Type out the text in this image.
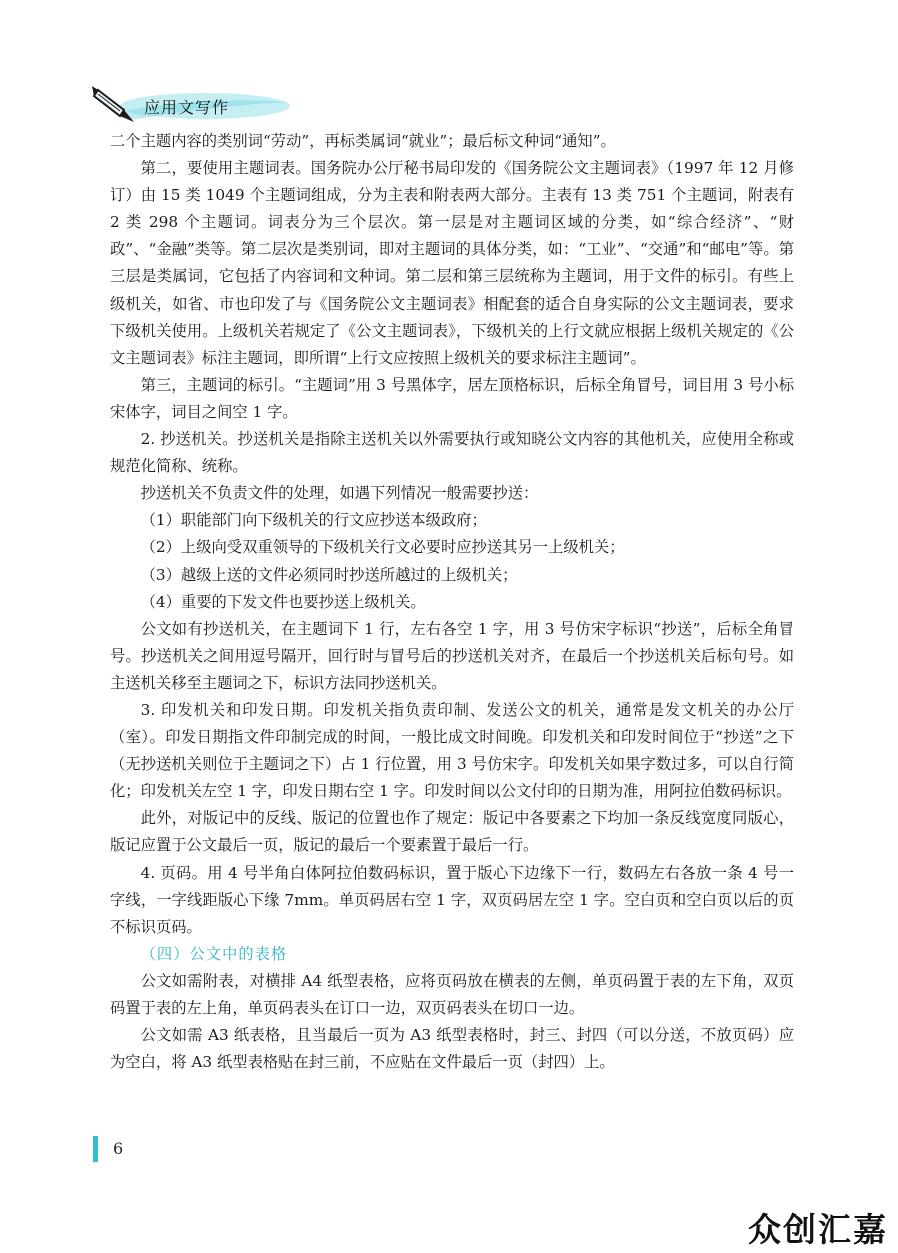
应用文写作

二个主题内容的类别词“劳动”，再标类属词“就业”；最后标文种词“通知”。

第二，要使用主题词表。国务院办公厅秘书局印发的《国务院公文主题词表》（1997 年 12 月修订）由 15 类 1049 个主题词组成，分为主表和附表两大部分。主表有 13 类 751 个主题词，附表有 2 类 298 个主题词。词表分为三个层次。第一层是对主题词区域的分类，如“综合经济”、“财政”、“金融”类等。第二层次是类别词，即对主题词的具体分类，如：“工业”、“交通”和“邮电”等。第三层是类属词，它包括了内容词和文种词。第二层和第三层统称为主题词，用于文件的标引。有些上级机关，如省、市也印发了与《国务院公文主题词表》相配套的适合自身实际的公文主题词表，要求下级机关使用。上级机关若规定了《公文主题词表》，下级机关的上行文就应根据上级机关规定的《公文主题词表》标注主题词，即所谓“上行文应按照上级机关的要求标注主题词”。

第三，主题词的标引。“主题词”用 3 号黑体字，居左顶格标识，后标全角冒号，词目用 3 号小标宋体字，词目之间空 1 字。

2. 抄送机关。抄送机关是指除主送机关以外需要执行或知晓公文内容的其他机关，应使用全称或规范化简称、统称。

抄送机关不负责文件的处理，如遇下列情况一般需要抄送：

（1）职能部门向下级机关的行文应抄送本级政府；

（2）上级向受双重领导的下级机关行文必要时应抄送其另一上级机关；

（3）越级上送的文件必须同时抄送所越过的上级机关；

（4）重要的下发文件也要抄送上级机关。

公文如有抄送机关，在主题词下 1 行，左右各空 1 字，用 3 号仿宋字标识“抄送”，后标全角冒号。抄送机关之间用逗号隔开，回行时与冒号后的抄送机关对齐，在最后一个抄送机关后标句号。如主送机关移至主题词之下，标识方法同抄送机关。

3. 印发机关和印发日期。印发机关指负责印制、发送公文的机关，通常是发文机关的办公厅（室）。印发日期指文件印制完成的时间，一般比成文时间晚。印发机关和印发时间位于“抄送”之下（无抄送机关则位于主题词之下）占 1 行位置，用 3 号仿宋字。印发机关如果字数过多，可以自行简化；印发机关左空 1 字，印发日期右空 1 字。印发时间以公文付印的日期为准，用阿拉伯数码标识。

此外，对版记中的反线、版记的位置也作了规定：版记中各要素之下均加一条反线宽度同版心，版记应置于公文最后一页，版记的最后一个要素置于最后一行。

4. 页码。用 4 号半角白体阿拉伯数码标识，置于版心下边缘下一行，数码左右各放一条 4 号一字线，一字线距版心下缘 7mm。单页码居右空 1 字，双页码居左空 1 字。空白页和空白页以后的页不标识页码。

（四）公文中的表格

公文如需附表，对横排 A4 纸型表格，应将页码放在横表的左侧，单页码置于表的左下角，双页码置于表的左上角，单页码表头在订口一边，双页码表头在切口一边。

公文如需 A3 纸表格，且当最后一页为 A3 纸型表格时，封三、封四（可以分送，不放页码）应为空白，将 A3 纸型表格贴在封三前，不应贴在文件最后一页（封四）上。

6
众创汇嘉
